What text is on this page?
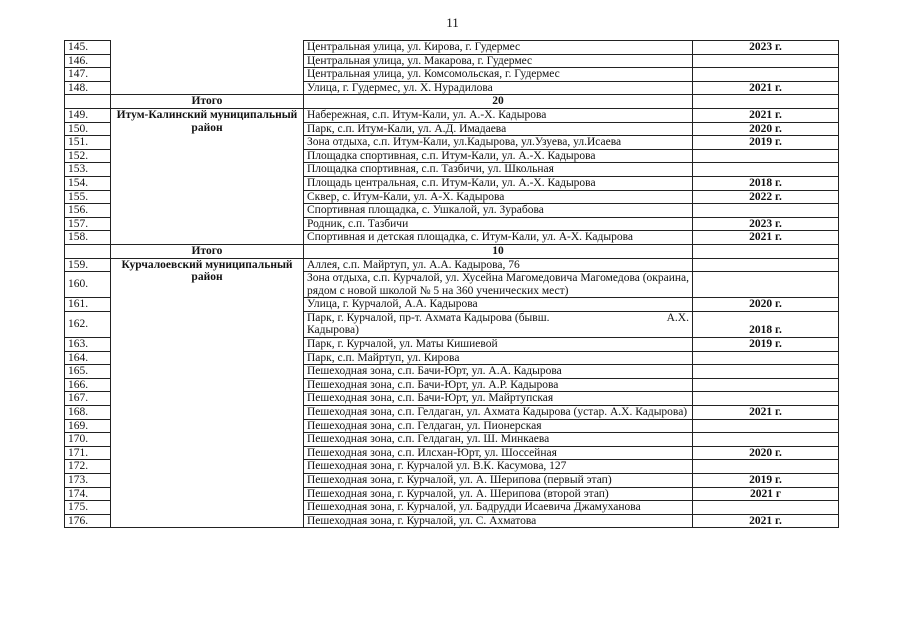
11
145.		Центральная улица, ул. Кирова, г. Гудермес	2023 г.
146.		Центральная улица, ул. Макарова, г. Гудермес	
147.		Центральная улица, ул. Комсомольская, г. Гудермес	
148.		Улица, г. Гудермес, ул. Х. Нурадилова	2021 г.
	Итого	20	
149.	Итум-Калинский муниципальный район	Набережная, с.п. Итум-Кали, ул. А.-Х. Кадырова	2021 г.
150.		Парк, с.п. Итум-Кали, ул. А.Д. Имадаева	2020 г.
151.		Зона отдыха, с.п. Итум-Кали, ул.Кадырова, ул.Узуева, ул.Исаева	2019 г.
152.		Площадка спортивная, с.п. Итум-Кали, ул. А.-Х. Кадырова	
153.		Площадка спортивная, с.п. Тазбичи, ул. Школьная	
154.		Площадь центральная, с.п. Итум-Кали, ул. А.-Х. Кадырова	2018 г.
155.		Сквер, с. Итум-Кали, ул. А-Х. Кадырова	2022 г.
156.		Спортивная площадка, с. Ушкалой, ул. Зурабова	
157.		Родник, с.п. Тазбичи	2023 г.
158.		Спортивная и детская площадка, с. Итум-Кали, ул. А-Х. Кадырова	2021 г.
	Итого	10	
159.	Курчалоевский муниципальный район	Аллея, с.п. Майртуп, ул. А.А. Кадырова, 76	
160.		Зона отдыха, с.п. Курчалой, ул. Хусейна Магомедовича Магомедова (окраина, рядом с новой школой № 5 на 360 ученических мест)	
161.		Улица, г. Курчалой, А.А. Кадырова	2020 г.
162.		Парк, г. Курчалой, пр-т. Ахмата Кадырова (бывш. А.Х.
Кадырова)	2018 г.
163.		Парк, г. Курчалой, ул. Маты Кишиевой	2019 г.
164.		Парк, с.п. Майртуп, ул. Кирова	
165.		Пешеходная зона, с.п. Бачи-Юрт, ул. А.А. Кадырова	
166.		Пешеходная зона, с.п. Бачи-Юрт, ул. А.Р. Кадырова	
167.		Пешеходная зона, с.п. Бачи-Юрт, ул. Майртупская	
168.		Пешеходная зона, с.п. Гелдаган, ул. Ахмата Кадырова (устар. А.Х. Кадырова)	2021 г.
169.		Пешеходная зона, с.п. Гелдаган, ул. Пионерская	
170.		Пешеходная зона, с.п. Гелдаган, ул. Ш. Минкаева	
171.		Пешеходная зона, с.п. Илсхан-Юрт, ул. Шоссейная	2020 г.
172.		Пешеходная зона, г. Курчалой ул. В.К. Касумова, 127	
173.		Пешеходная зона, г. Курчалой, ул. А. Шерипова (первый этап)	2019 г.
174.		Пешеходная зона, г. Курчалой, ул. А. Шерипова (второй этап)	2021 г
175.		Пешеходная зона, г. Курчалой, ул. Бадрудди Исаевича Джамуханова	
176.		Пешеходная зона, г. Курчалой, ул. С. Ахматова	2021 г.
